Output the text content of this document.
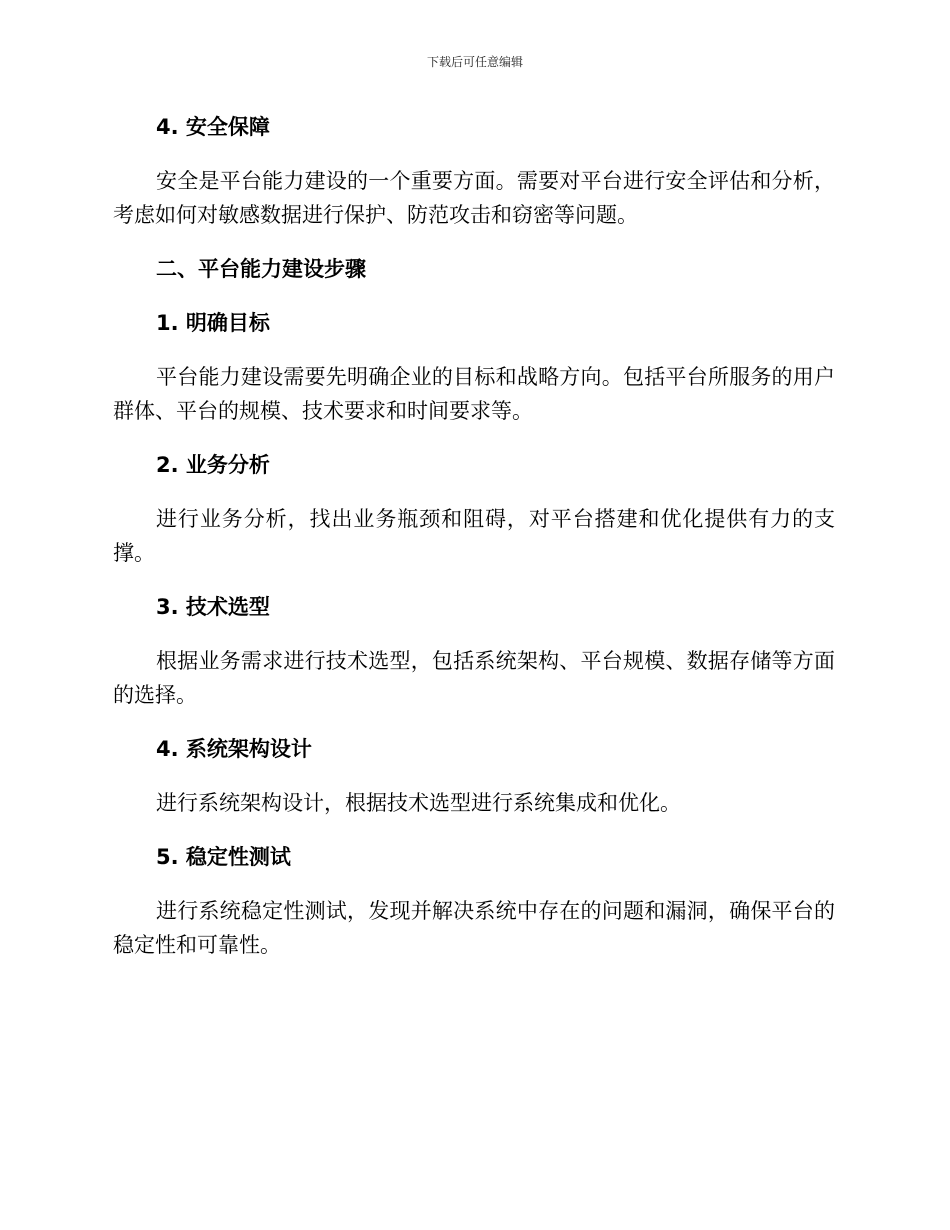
下载后可任意编辑
4. 安全保障
安全是平台能力建设的一个重要方面。需要对平台进行安全评估和分析，考虑如何对敏感数据进行保护、防范攻击和窃密等问题。
二、平台能力建设步骤
1. 明确目标
平台能力建设需要先明确企业的目标和战略方向。包括平台所服务的用户群体、平台的规模、技术要求和时间要求等。
2. 业务分析
进行业务分析，找出业务瓶颈和阻碍，对平台搭建和优化提供有力的支撑。
3. 技术选型
根据业务需求进行技术选型，包括系统架构、平台规模、数据存储等方面的选择。
4. 系统架构设计
进行系统架构设计，根据技术选型进行系统集成和优化。
5. 稳定性测试
进行系统稳定性测试，发现并解决系统中存在的问题和漏洞，确保平台的稳定性和可靠性。
